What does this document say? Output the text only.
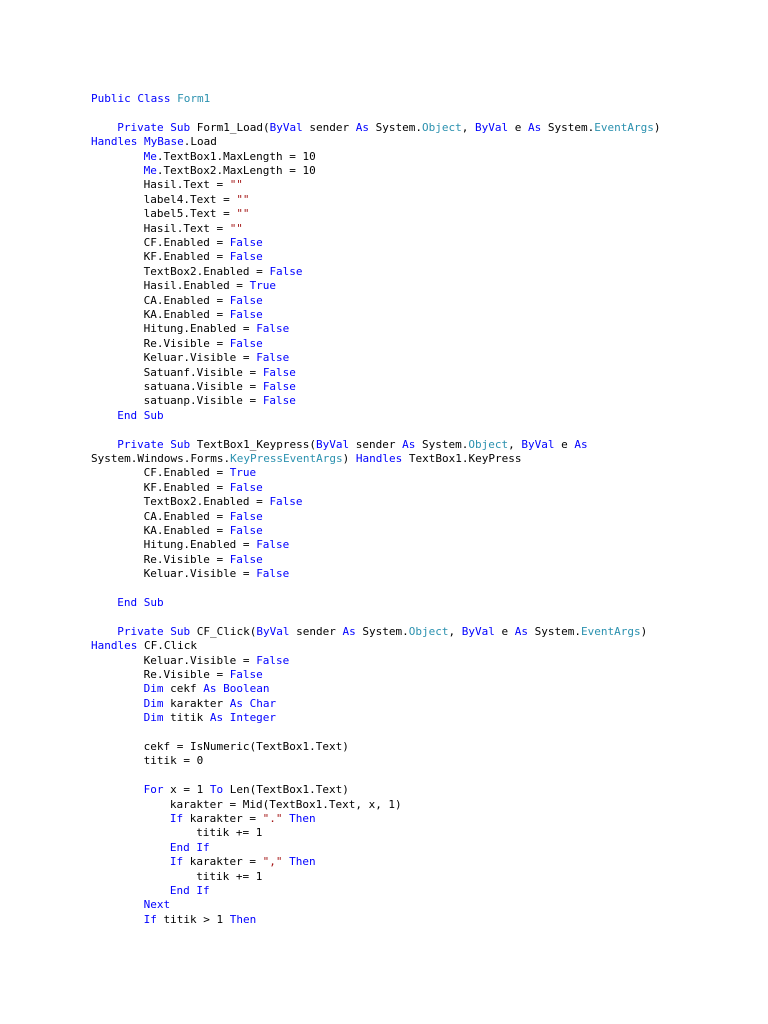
Public Class Form1
Private Sub Form1_Load(ByVal sender As System.Object, ByVal e As System.EventArgs)
Handles MyBase.Load
Me.TextBox1.MaxLength = 10
Me.TextBox2.MaxLength = 10
Hasil.Text = ""
label4.Text = ""
label5.Text = ""
Hasil.Text = ""
CF.Enabled = False
KF.Enabled = False
TextBox2.Enabled = False
Hasil.Enabled = True
CA.Enabled = False
KA.Enabled = False
Hitung.Enabled = False
Re.Visible = False
Keluar.Visible = False
Satuanf.Visible = False
satuana.Visible = False
satuanp.Visible = False
End Sub
Private Sub TextBox1_Keypress(ByVal sender As System.Object, ByVal e As
System.Windows.Forms.KeyPressEventArgs) Handles TextBox1.KeyPress
CF.Enabled = True
KF.Enabled = False
TextBox2.Enabled = False
CA.Enabled = False
KA.Enabled = False
Hitung.Enabled = False
Re.Visible = False
Keluar.Visible = False
End Sub
Private Sub CF_Click(ByVal sender As System.Object, ByVal e As System.EventArgs)
Handles CF.Click
Keluar.Visible = False
Re.Visible = False
Dim cekf As Boolean
Dim karakter As Char
Dim titik As Integer
cekf = IsNumeric(TextBox1.Text)
titik = 0
For x = 1 To Len(TextBox1.Text)
karakter = Mid(TextBox1.Text, x, 1)
If karakter = "." Then
titik += 1
End If
If karakter = "," Then
titik += 1
End If
Next
If titik > 1 Then
